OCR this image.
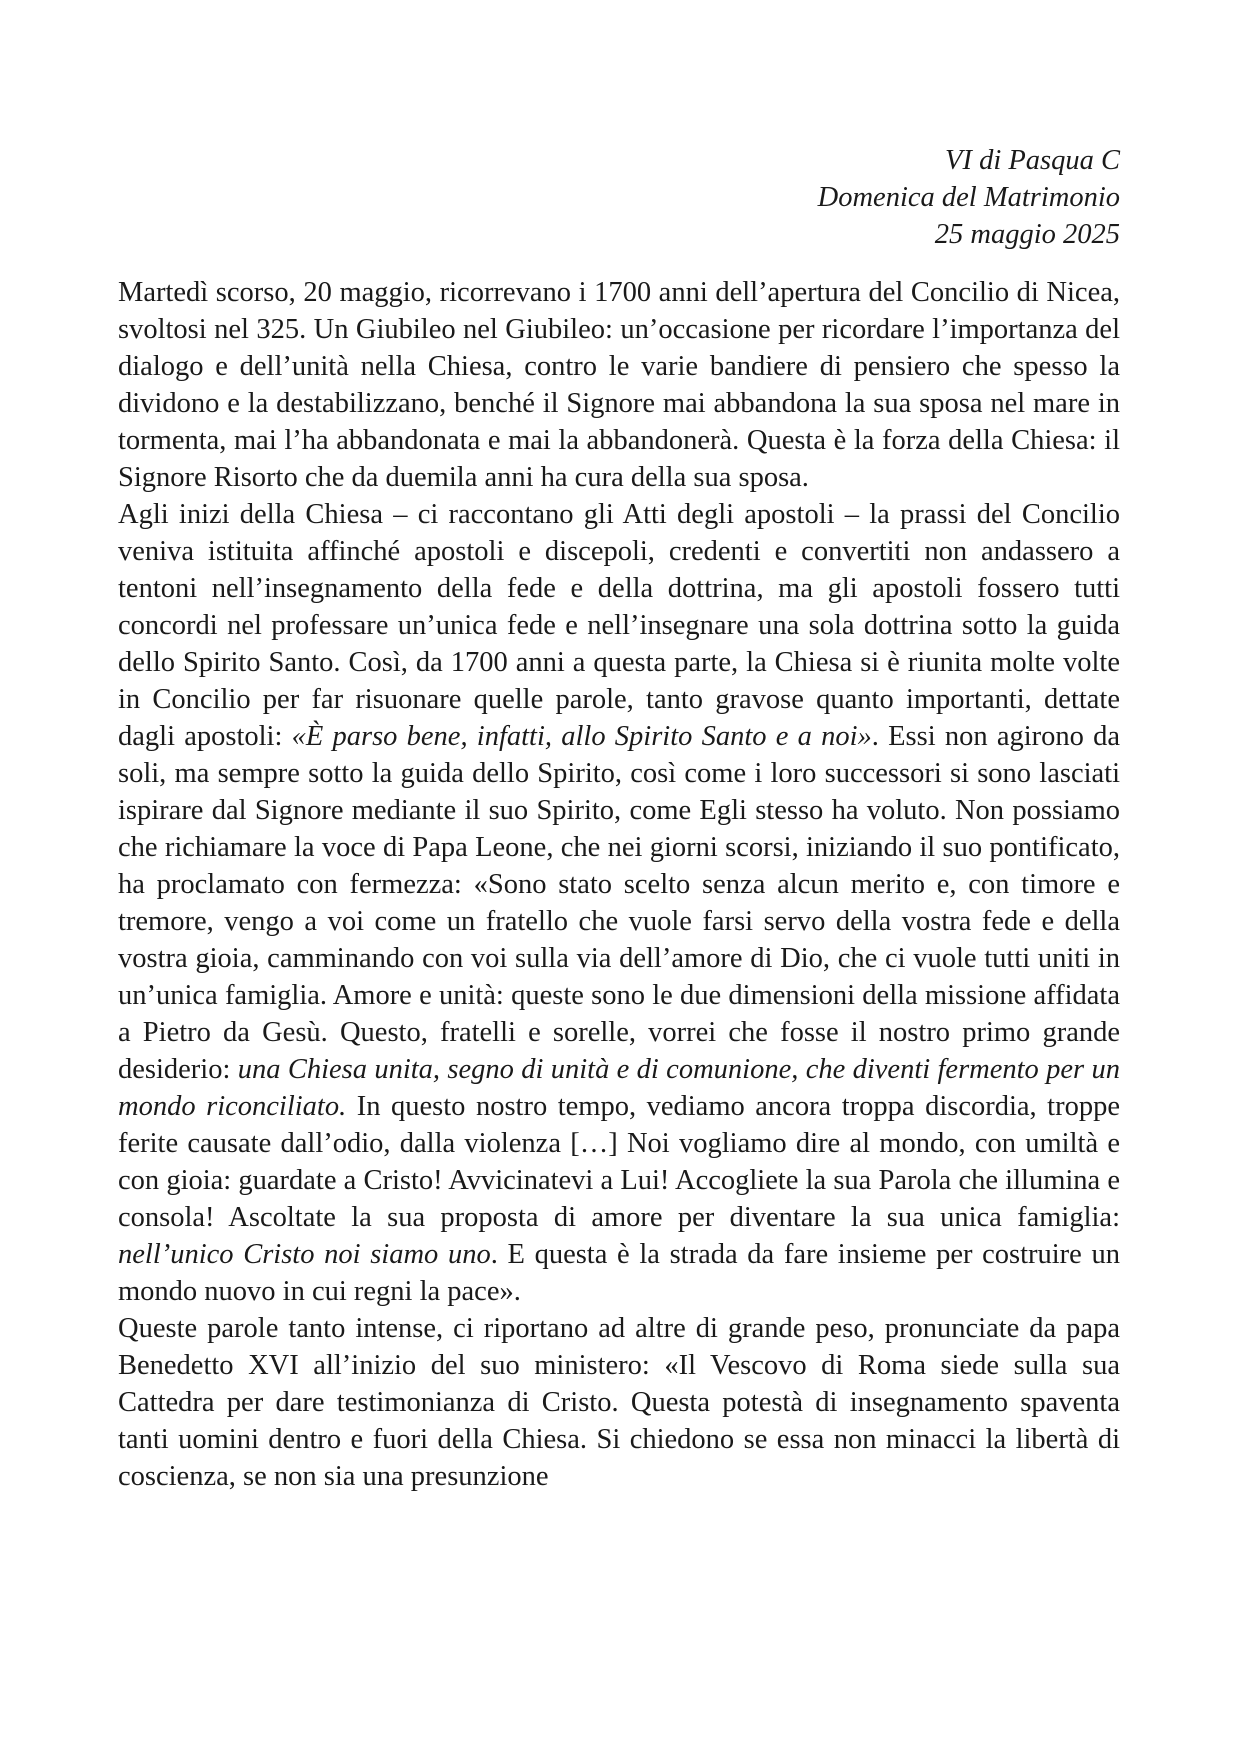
VI di Pasqua C
Domenica del Matrimonio
25 maggio 2025

Martedì scorso, 20 maggio, ricorrevano i 1700 anni dell’apertura del Concilio di Nicea, svoltosi nel 325. Un Giubileo nel Giubileo: un’occasione per ricordare l’importanza del dialogo e dell’unità nella Chiesa, contro le varie bandiere di pensiero che spesso la dividono e la destabilizzano, benché il Signore mai abbandona la sua sposa nel mare in tormenta, mai l’ha abbandonata e mai la abbandonerà. Questa è la forza della Chiesa: il Signore Risorto che da duemila anni ha cura della sua sposa.

Agli inizi della Chiesa – ci raccontano gli Atti degli apostoli – la prassi del Concilio veniva istituita affinché apostoli e discepoli, credenti e convertiti non andassero a tentoni nell’insegnamento della fede e della dottrina, ma gli apostoli fossero tutti concordi nel professare un’unica fede e nell’insegnare una sola dottrina sotto la guida dello Spirito Santo. Così, da 1700 anni a questa parte, la Chiesa si è riunita molte volte in Concilio per far risuonare quelle parole, tanto gravose quanto importanti, dettate dagli apostoli: «È parso bene, infatti, allo Spirito Santo e a noi». Essi non agirono da soli, ma sempre sotto la guida dello Spirito, così come i loro successori si sono lasciati ispirare dal Signore mediante il suo Spirito, come Egli stesso ha voluto. Non possiamo che richiamare la voce di Papa Leone, che nei giorni scorsi, iniziando il suo pontificato, ha proclamato con fermezza: «Sono stato scelto senza alcun merito e, con timore e tremore, vengo a voi come un fratello che vuole farsi servo della vostra fede e della vostra gioia, camminando con voi sulla via dell’amore di Dio, che ci vuole tutti uniti in un’unica famiglia. Amore e unità: queste sono le due dimensioni della missione affidata a Pietro da Gesù. Questo, fratelli e sorelle, vorrei che fosse il nostro primo grande desiderio: una Chiesa unita, segno di unità e di comunione, che diventi fermento per un mondo riconciliato. In questo nostro tempo, vediamo ancora troppa discordia, troppe ferite causate dall’odio, dalla violenza […] Noi vogliamo dire al mondo, con umiltà e con gioia: guardate a Cristo! Avvicinatevi a Lui! Accogliete la sua Parola che illumina e consola! Ascoltate la sua proposta di amore per diventare la sua unica famiglia: nell’unico Cristo noi siamo uno. E questa è la strada da fare insieme per costruire un mondo nuovo in cui regni la pace».

Queste parole tanto intense, ci riportano ad altre di grande peso, pronunciate da papa Benedetto XVI all’inizio del suo ministero: «Il Vescovo di Roma siede sulla sua Cattedra per dare testimonianza di Cristo. Questa potestà di insegnamento spaventa tanti uomini dentro e fuori della Chiesa. Si chiedono se essa non minacci la libertà di coscienza, se non sia una presunzione
